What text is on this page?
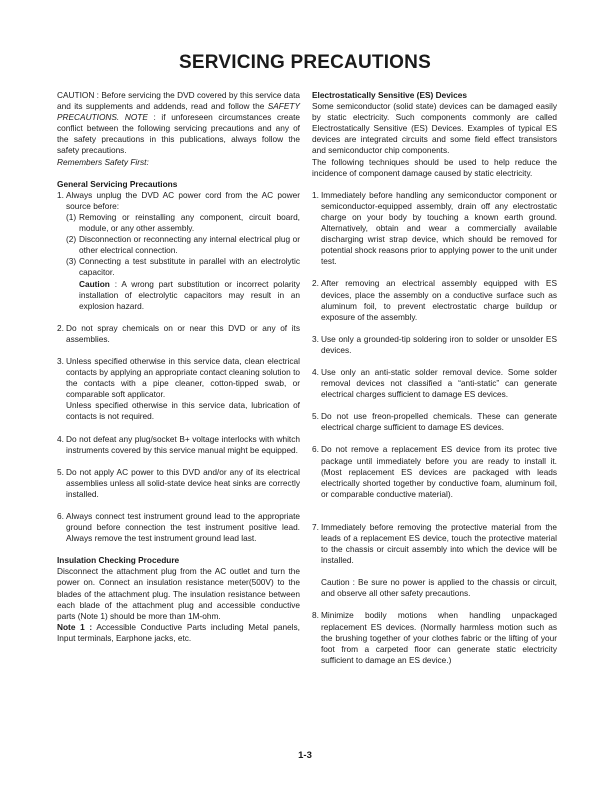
SERVICING PRECAUTIONS

CAUTION : Before servicing the DVD covered by this service data and its supplements and addends, read and follow the SAFETY PRECAUTIONS. NOTE : if unforeseen circumstances create conflict between the following servicing precautions and any of the safety precautions in this publications, always follow the safety precautions.

Remembers Safety First:

General Servicing Precautions

1. Always unplug the DVD AC power cord from the AC power source before:
(1) Removing or reinstalling any component, circuit board, module, or any other assembly.
(2) Disconnection or reconnecting any internal electrical plug or other electrical connection.
(3) Connecting a test substitute in parallel with an electrolytic capacitor.

Caution : A wrong part substitution or incorrect polarity installation of electrolytic capacitors may result in an explosion hazard.

2. Do not spray chemicals on or near this DVD or any of its assemblies.
3. Unless specified otherwise in this service data, clean electrical contacts by applying an appropriate contact cleaning solution to the contacts with a pipe cleaner, cotton-tipped swab, or comparable soft applicator.

Unless specified otherwise in this service data, lubrication of contacts is not required.

4. Do not defeat any plug/socket B+ voltage interlocks with whitch instruments covered by this service manual might be equipped.
5. Do not apply AC power to this DVD and/or any of its electrical assemblies unless all solid-state device heat sinks are correctly installed.
6. Always connect test instrument ground lead to the appropriate ground before connection the test instrument positive lead. Always remove the test instrument ground lead last.

Insulation Checking Procedure

Disconnect the attachment plug from the AC outlet and turn the power on. Connect an insulation resistance meter(500V) to the blades of the attachment plug. The insulation resistance between each blade of the attachment plug and accessible conductive parts (Note 1) should be more than 1M-ohm.

Note 1 : Accessible Conductive Parts including Metal panels, Input terminals, Earphone jacks, etc.

Electrostatically Sensitive (ES) Devices

Some semiconductor (solid state) devices can be damaged easily by static electricity. Such components commonly are called Electrostatically Sensitive (ES) Devices. Examples of typical ES devices are integrated circuits and some field effect transistors and semiconductor chip components.

The following techniques should be used to help reduce the incidence of component damage caused by static electricity.

1. Immediately before handling any semiconductor component or semiconductor-equipped assembly, drain off any electrostatic charge on your body by touching a known earth ground. Alternatively, obtain and wear a commercially available discharging wrist strap device, which should be removed for potential shock reasons prior to applying power to the unit under test.
2. After removing an electrical assembly equipped with ES devices, place the assembly on a conductive surface such as aluminum foil, to prevent electrostatic charge buildup or exposure of the assembly.
3. Use only a grounded-tip soldering iron to solder or unsolder ES devices.
4. Use only an anti-static solder removal device. Some solder removal devices not classified a “anti-static” can generate electrical charges sufficient to damage ES devices.
5. Do not use freon-propelled chemicals. These can generate electrical charge sufficient to damage ES devices.
6. Do not remove a replacement ES device from its protec tive package until immediately before you are ready to install it. (Most replacement ES devices are packaged with leads electrically shorted together by conductive foam, aluminum foil, or comparable conductive material).
7. Immediately before removing the protective material from the leads of a replacement ES device, touch the protective material to the chassis or circuit assembly into which the device will be installed.

Caution : Be sure no power is applied to the chassis or circuit, and observe all other safety precautions.

8. Minimize bodily motions when handling unpackaged replacement ES devices. (Normally harmless motion such as the brushing together of your clothes fabric or the lifting of your foot from a carpeted floor can generate static electricity sufficient to damage an ES device.)
1-3
